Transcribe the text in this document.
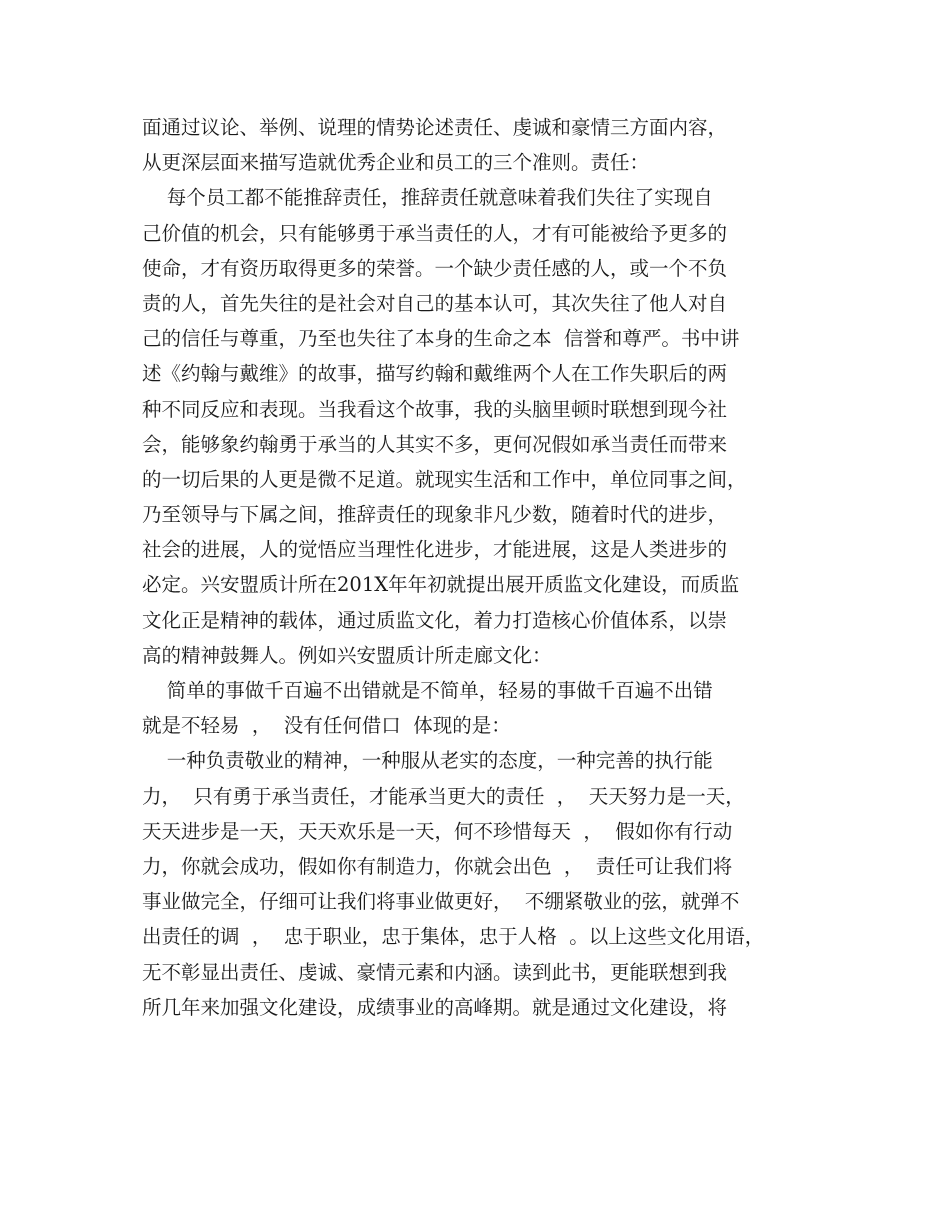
面通过议论、举例、说理的情势论述责任、虔诚和豪情三方面内容，
从更深层面来描写造就优秀企业和员工的三个准则。责任：
每个员工都不能推辞责任，推辞责任就意味着我们失往了实现自
己价值的机会，只有能够勇于承当责任的人，才有可能被给予更多的
使命，才有资历取得更多的荣誉。一个缺少责任感的人，或一个不负
责的人，首先失往的是社会对自己的基本认可，其次失往了他人对自
己的信任与尊重，乃至也失往了本身的生命之本  信誉和尊严。书中讲
述《约翰与戴维》的故事，描写约翰和戴维两个人在工作失职后的两
种不同反应和表现。当我看这个故事，我的头脑里顿时联想到现今社
会，能够象约翰勇于承当的人其实不多，更何况假如承当责任而带来
的一切后果的人更是微不足道。就现实生活和工作中，单位同事之间，
乃至领导与下属之间，推辞责任的现象非凡少数，随着时代的进步，
社会的进展，人的觉悟应当理性化进步，才能进展，这是人类进步的
必定。兴安盟质计所在201X年年初就提出展开质监文化建设，而质监
文化正是精神的载体，通过质监文化，着力打造核心价值体系，以崇
高的精神鼓舞人。例如兴安盟质计所走廊文化：
简单的事做千百遍不出错就是不简单，轻易的事做千百遍不出错
就是不轻易  ，  没有任何借口  体现的是：
一种负责敬业的精神，一种服从老实的态度，一种完善的执行能
力，  只有勇于承当责任，才能承当更大的责任  ，  天天努力是一天，
天天进步是一天，天天欢乐是一天，何不珍惜每天  ，  假如你有行动
力，你就会成功，假如你有制造力，你就会出色  ，  责任可让我们将
事业做完全，仔细可让我们将事业做更好，  不绷紧敬业的弦，就弹不
出责任的调  ，  忠于职业，忠于集体，忠于人格  。以上这些文化用语，
无不彰显出责任、虔诚、豪情元素和内涵。读到此书，更能联想到我
所几年来加强文化建设，成绩事业的高峰期。就是通过文化建设，将
